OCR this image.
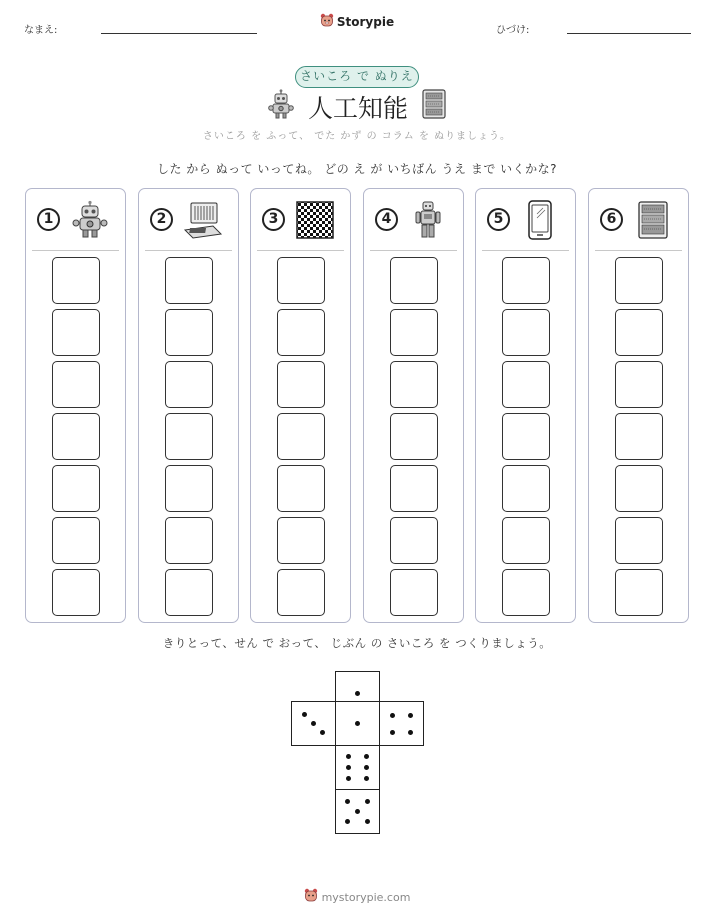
なまえ:
Storypie
ひづけ:
さいころ で ぬりえ
人工知能
さいころ を ふって、 でた かず の コラム を ぬりましょう。
した から ぬって いってね。 どの え が いちばん うえ まで いくかな?
1	2	3	4	5	6
きりとって、せん で おって、 じぶん の さいころ を つくりましょう。
mystorypie.com
